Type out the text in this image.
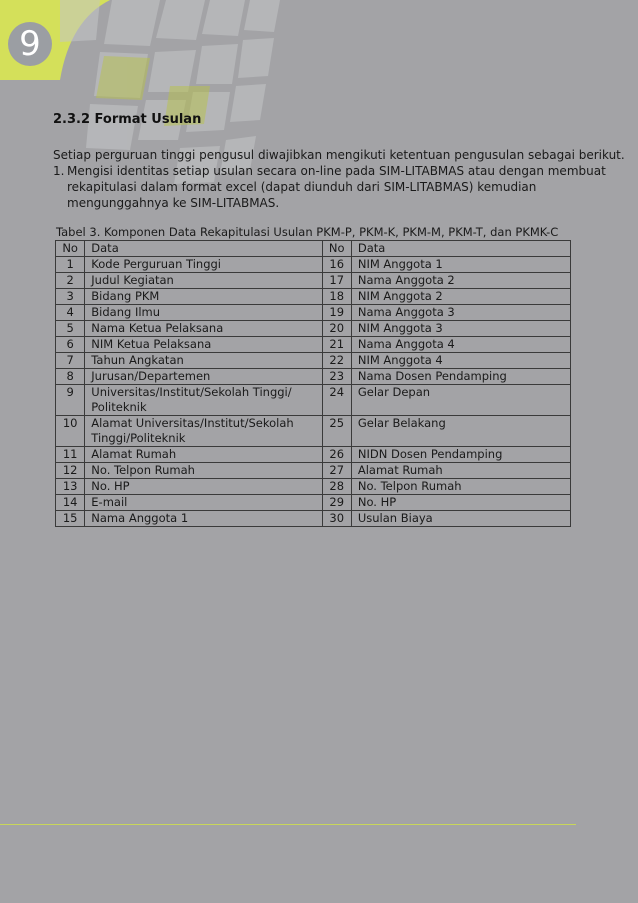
9
2.3.2 Format Usulan
Setiap perguruan tinggi pengusul diwajibkan mengikuti ketentuan pengusulan sebagai berikut.
1. Mengisi identitas setiap usulan secara on-line pada SIM-LITABMAS atau dengan membuat
rekapitulasi dalam format excel (dapat diunduh dari SIM-LITABMAS) kemudian
mengunggahnya ke SIM-LITABMAS.
Tabel 3. Komponen Data Rekapitulasi Usulan PKM-P, PKM-K, PKM-M, PKM-T, dan PKMK-C
No	Data	No	Data
1	Kode Perguruan Tinggi	16	NIM Anggota 1
2	Judul Kegiatan	17	Nama Anggota 2
3	Bidang PKM	18	NIM Anggota 2
4	Bidang Ilmu	19	Nama Anggota 3
5	Nama Ketua Pelaksana	20	NIM Anggota 3
6	NIM Ketua Pelaksana	21	Nama Anggota 4
7	Tahun Angkatan	22	NIM Anggota 4
8	Jurusan/Departemen	23	Nama Dosen Pendamping
9	Universitas/Institut/Sekolah Tinggi/ Politeknik	24	Gelar Depan
10	Alamat Universitas/Institut/Sekolah Tinggi/Politeknik	25	Gelar Belakang
11	Alamat Rumah	26	NIDN Dosen Pendamping
12	No. Telpon Rumah	27	Alamat Rumah
13	No. HP	28	No. Telpon Rumah
14	E-mail	29	No. HP
15	Nama Anggota 1	30	Usulan Biaya
